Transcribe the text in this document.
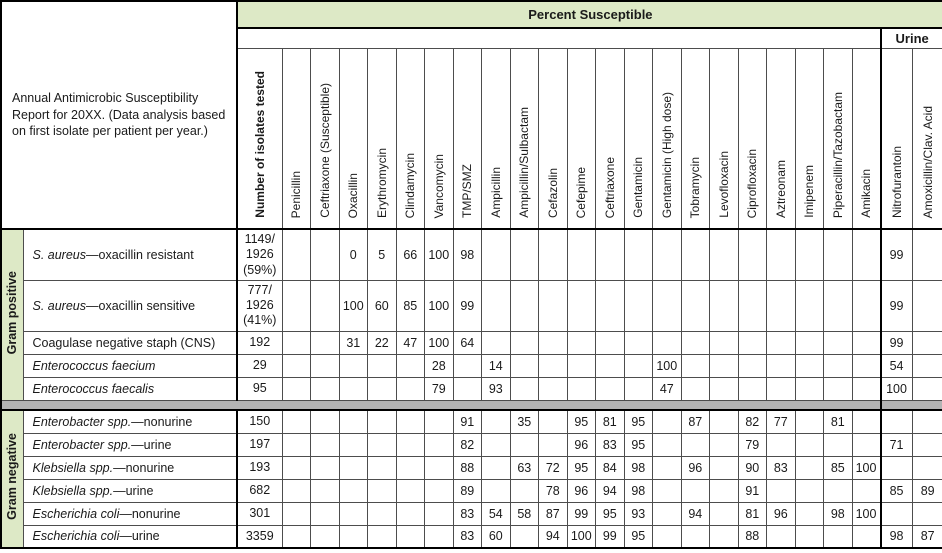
Annual Antimicrobic Susceptibility Report for 20XX. (Data analysis based on first isolate per patient per year.)		Percent Susceptible																							
																								Urine	
		Number of isolates tested	Penicillin	Ceftriaxone (Susceptible)	Oxacillin	Erythromycin	Clindamycin	Vancomycin	TMP/SMZ	Ampicillin	Ampicillin/Sulbactam	Cefazolin	Cefepime	Ceftriaxone	Gentamicin	Gentamicin (High dose)	Tobramycin	Levofloxacin	Ciprofloxacin	Aztreonam	Imipenem	Piperacillin/Tazobactam	Amikacin	Nitrofurantoin	Amoxicillin/Clav. Acid
Gram positive	S. aureus—oxacillin resistant	1149/ 1926 (59%)			0	5	66	100	98															99	
	S. aureus—oxacillin sensitive	777/ 1926 (41%)			100	60	85	100	99															99	
	Coagulase negative staph (CNS)	192			31	22	47	100	64															99	
	Enterococcus faecium	29						28		14						100								54	
	Enterococcus faecalis	95						79		93						47								100	

Gram negative	Enterobacter spp.—nonurine	150							91		35		95	81	95		87		82	77		81			
	Enterobacter spp.—urine	197							82				96	83	95				79					71	
	Klebsiella spp.—nonurine	193							88		63	72	95	84	98		96		90	83		85	100		
	Klebsiella spp.—urine	682							89			78	96	94	98				91					85	89
	Escherichia coli—nonurine	301							83	54	58	87	99	95	93		94		81	96		98	100		
	Escherichia coli—urine	3359							83	60		94	100	99	95				88					98	87
